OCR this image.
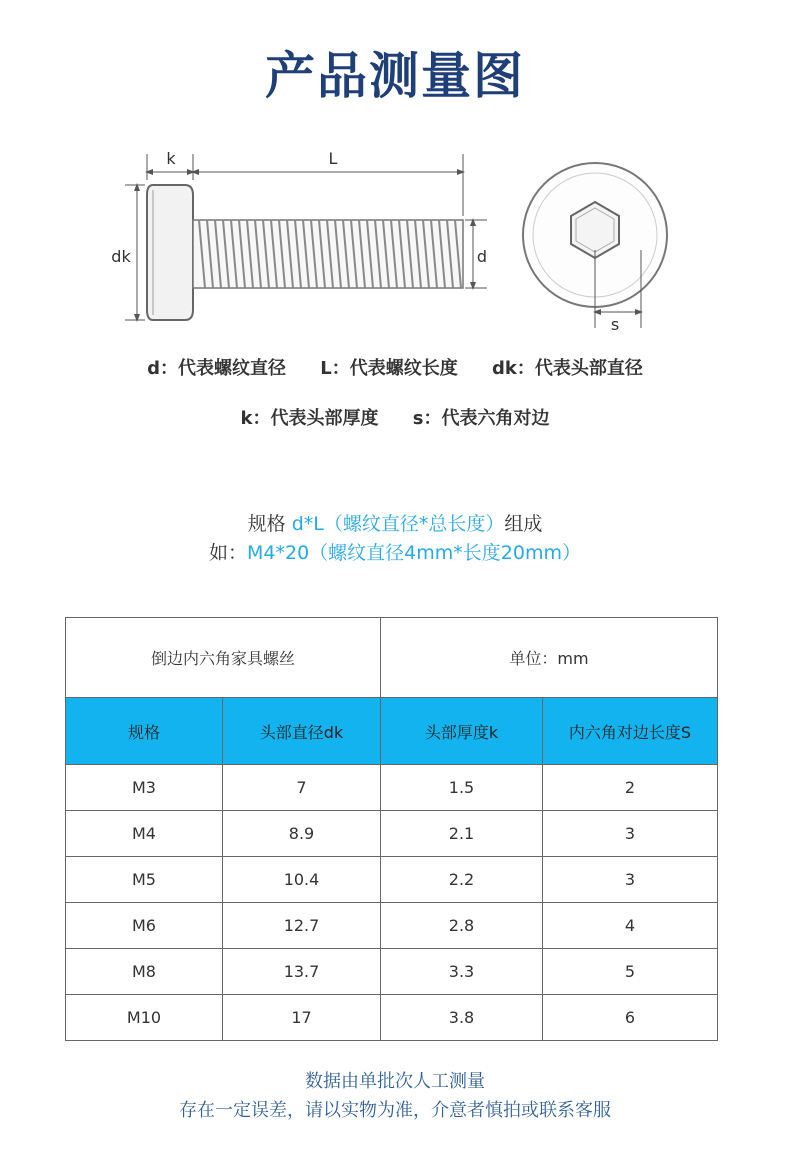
产品测量图
k	L
dk	d
s
d：代表螺纹直径 L：代表螺纹长度 dk：代表头部直径
k：代表头部厚度 s：代表六角对边
规格 d*L（螺纹直径*总长度）组成
如：M4*20（螺纹直径4mm*长度20mm）
倒边内六角家具螺丝		单位：mm	
规格	头部直径dk	头部厚度k	内六角对边长度S
M3	7	1.5	2
M4	8.9	2.1	3
M5	10.4	2.2	3
M6	12.7	2.8	4
M8	13.7	3.3	5
M10	17	3.8	6
数据由单批次人工测量
存在一定误差，请以实物为准，介意者慎拍或联系客服
